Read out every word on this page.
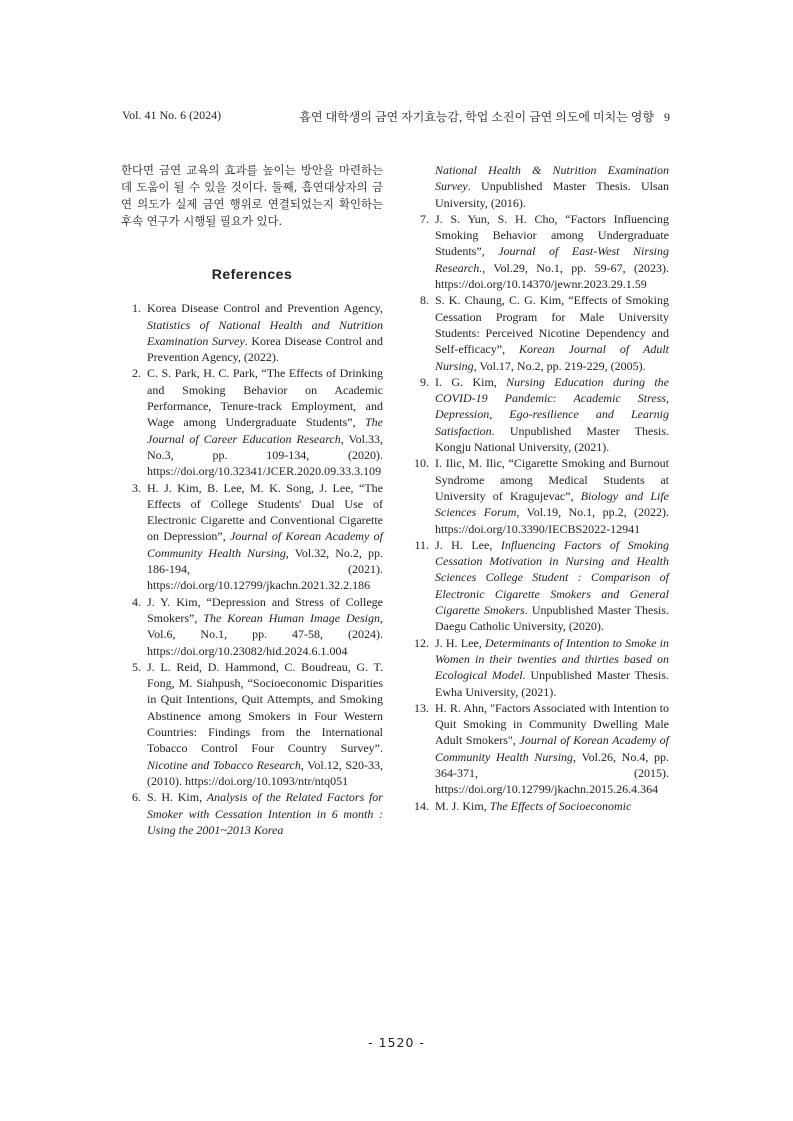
Vol. 41 No. 6 (2024)	흡연 대학생의 금연 자기효능감, 학업 소진이 금연 의도에 미치는 영향 9

한다면 금연 교육의 효과를 높이는 방안을 마련하는 데 도움이 될 수 있을 것이다. 둘째, 흡연대상자의 금연 의도가 실제 금연 행위로 연결되었는지 확인하는 후속 연구가 시행될 필요가 있다.

References
1. Korea Disease Control and Prevention Agency, Statistics of National Health and Nutrition Examination Survey. Korea Disease Control and Prevention Agency, (2022).
2. C. S. Park, H. C. Park, “The Effects of Drinking and Smoking Behavior on Academic Performance, Tenure-track Employment, and Wage among Undergraduate Students”, The Journal of Career Education Research, Vol.33, No.3, pp. 109-134, (2020). https://doi.org/10.32341/JCER.2020.09.33.3.109
3. H. J. Kim, B. Lee, M. K. Song, J. Lee, “The Effects of College Students' Dual Use of Electronic Cigarette and Conventional Cigarette on Depression”, Journal of Korean Academy of Community Health Nursing, Vol.32, No.2, pp. 186-194, (2021). https://doi.org/10.12799/jkachn.2021.32.2.186
4. J. Y. Kim, “Depression and Stress of College Smokers”, The Korean Human Image Design, Vol.6, No.1, pp. 47-58, (2024). https://doi.org/10.23082/hid.2024.6.1.004
5. J. L. Reid, D. Hammond, C. Boudreau, G. T. Fong, M. Siahpush, “Socioeconomic Disparities in Quit Intentions, Quit Attempts, and Smoking Abstinence among Smokers in Four Western Countries: Findings from the International Tobacco Control Four Country Survey”. Nicotine and Tobacco Research, Vol.12, S20-33, (2010). https://doi.org/10.1093/ntr/ntq051
6. S. H. Kim, Analysis of the Related Factors for Smoker with Cessation Intention in 6 month : Using the 2001~2013 Korea
National Health & Nutrition Examination Survey. Unpublished Master Thesis. Ulsan University, (2016).
7. J. S. Yun, S. H. Cho, “Factors Influencing Smoking Behavior among Undergraduate Students”, Journal of East-West Nirsing Research., Vol.29, No.1, pp. 59-67, (2023). https://doi.org/10.14370/jewnr.2023.29.1.59
8. S. K. Chaung, C. G. Kim, “Effects of Smoking Cessation Program for Male University Students: Perceived Nicotine Dependency and Self-efficacy”, Korean Journal of Adult Nursing, Vol.17, No.2, pp. 219-229, (2005).
9. I. G. Kim, Nursing Education during the COVID-19 Pandemic: Academic Stress, Depression, Ego-resilience and Learnig Satisfaction. Unpublished Master Thesis. Kongju National University, (2021).
10. I. Ilic, M. Ilic, “Cigarette Smoking and Burnout Syndrome among Medical Students at University of Kragujevac”, Biology and Life Sciences Forum, Vol.19, No.1, pp.2, (2022). https://doi.org/10.3390/IECBS2022-12941
11. J. H. Lee, Influencing Factors of Smoking Cessation Motivation in Nursing and Health Sciences College Student : Comparison of Electronic Cigarette Smokers and General Cigarette Smokers. Unpublished Master Thesis. Daegu Catholic University, (2020).
12. J. H. Lee, Determinants of Intention to Smoke in Women in their twenties and thirties based on Ecological Model. Unpublished Master Thesis. Ewha University, (2021).
13. H. R. Ahn, "Factors Associated with Intention to Quit Smoking in Community Dwelling Male Adult Smokers", Journal of Korean Academy of Community Health Nursing, Vol.26, No.4, pp. 364-371, (2015). https://doi.org/10.12799/jkachn.2015.26.4.364
14. M. J. Kim, The Effects of Socioeconomic
- 1520 -
